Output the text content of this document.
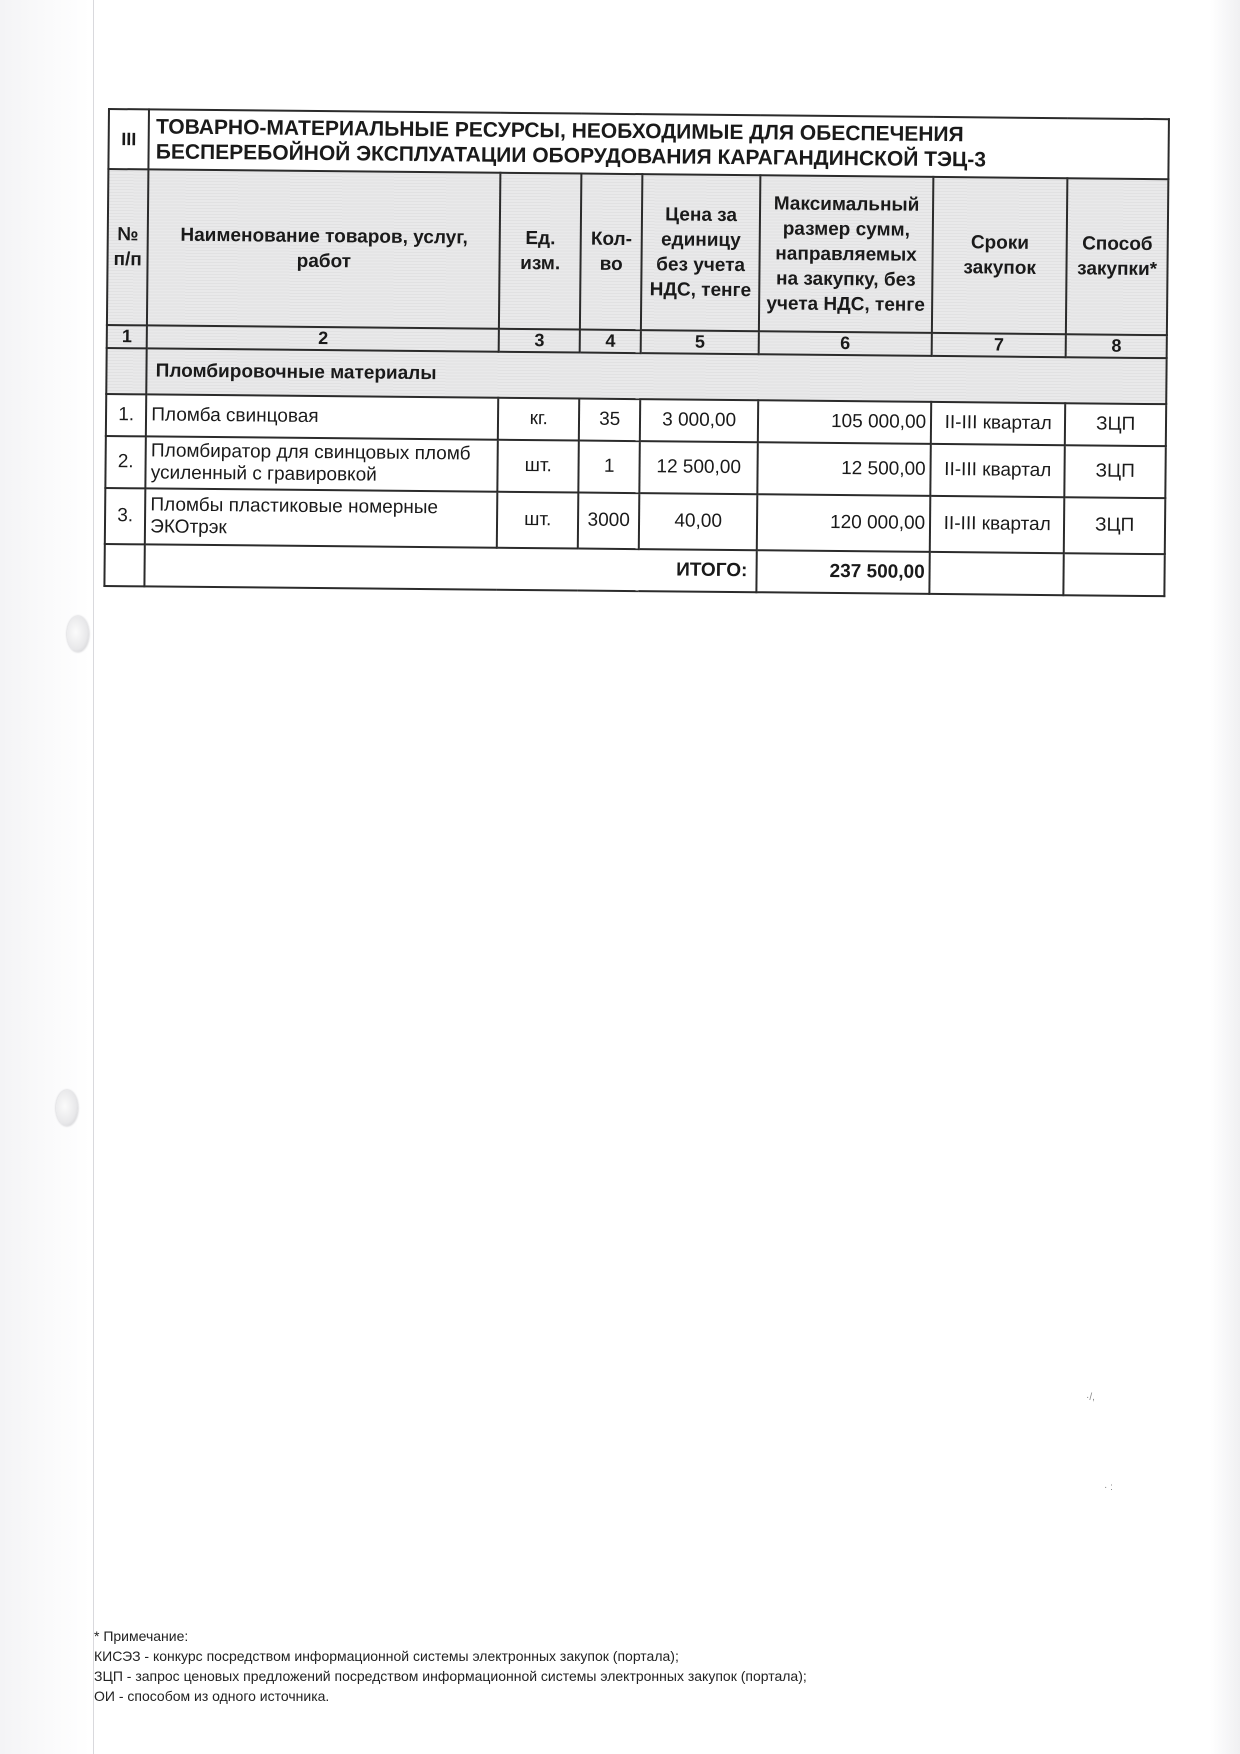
III	ТОВАРНО-МАТЕРИАЛЬНЫЕ РЕСУРСЫ, НЕОБХОДИМЫЕ ДЛЯ ОБЕСПЕЧЕНИЯ БЕСПЕРЕБОЙНОЙ ЭКСПЛУАТАЦИИ ОБОРУДОВАНИЯ КАРАГАНДИНСКОЙ ТЭЦ-3						
№ п/п	Наименование товаров, услуг, работ	Ед. изм.	Кол-во	Цена за единицу без учета НДС, тенге	Максимальный размер сумм, направляемых на закупку, без учета НДС, тенге	Сроки закупок	Способ закупки*
1	2	3	4	5	6	7	8
	Пломбировочные материалы						
1.	Пломба свинцовая	кг.	35	3 000,00	105 000,00	II-III квартал	ЗЦП
2.	Пломбиратор для свинцовых пломб усиленный с гравировкой	шт.	1	12 500,00	12 500,00	II-III квартал	ЗЦП
3.	Пломбы пластиковые номерные ЭКОтрэк	шт.	3000	40,00	120 000,00	II-III квартал	ЗЦП
	ИТОГО:				237 500,00		
·/,
· :
* Примечание:
КИСЭЗ - конкурс посредством информационной системы электронных закупок (портала);
ЗЦП - запрос ценовых предложений посредством информационной системы электронных закупок (портала);
ОИ - способом из одного источника.
